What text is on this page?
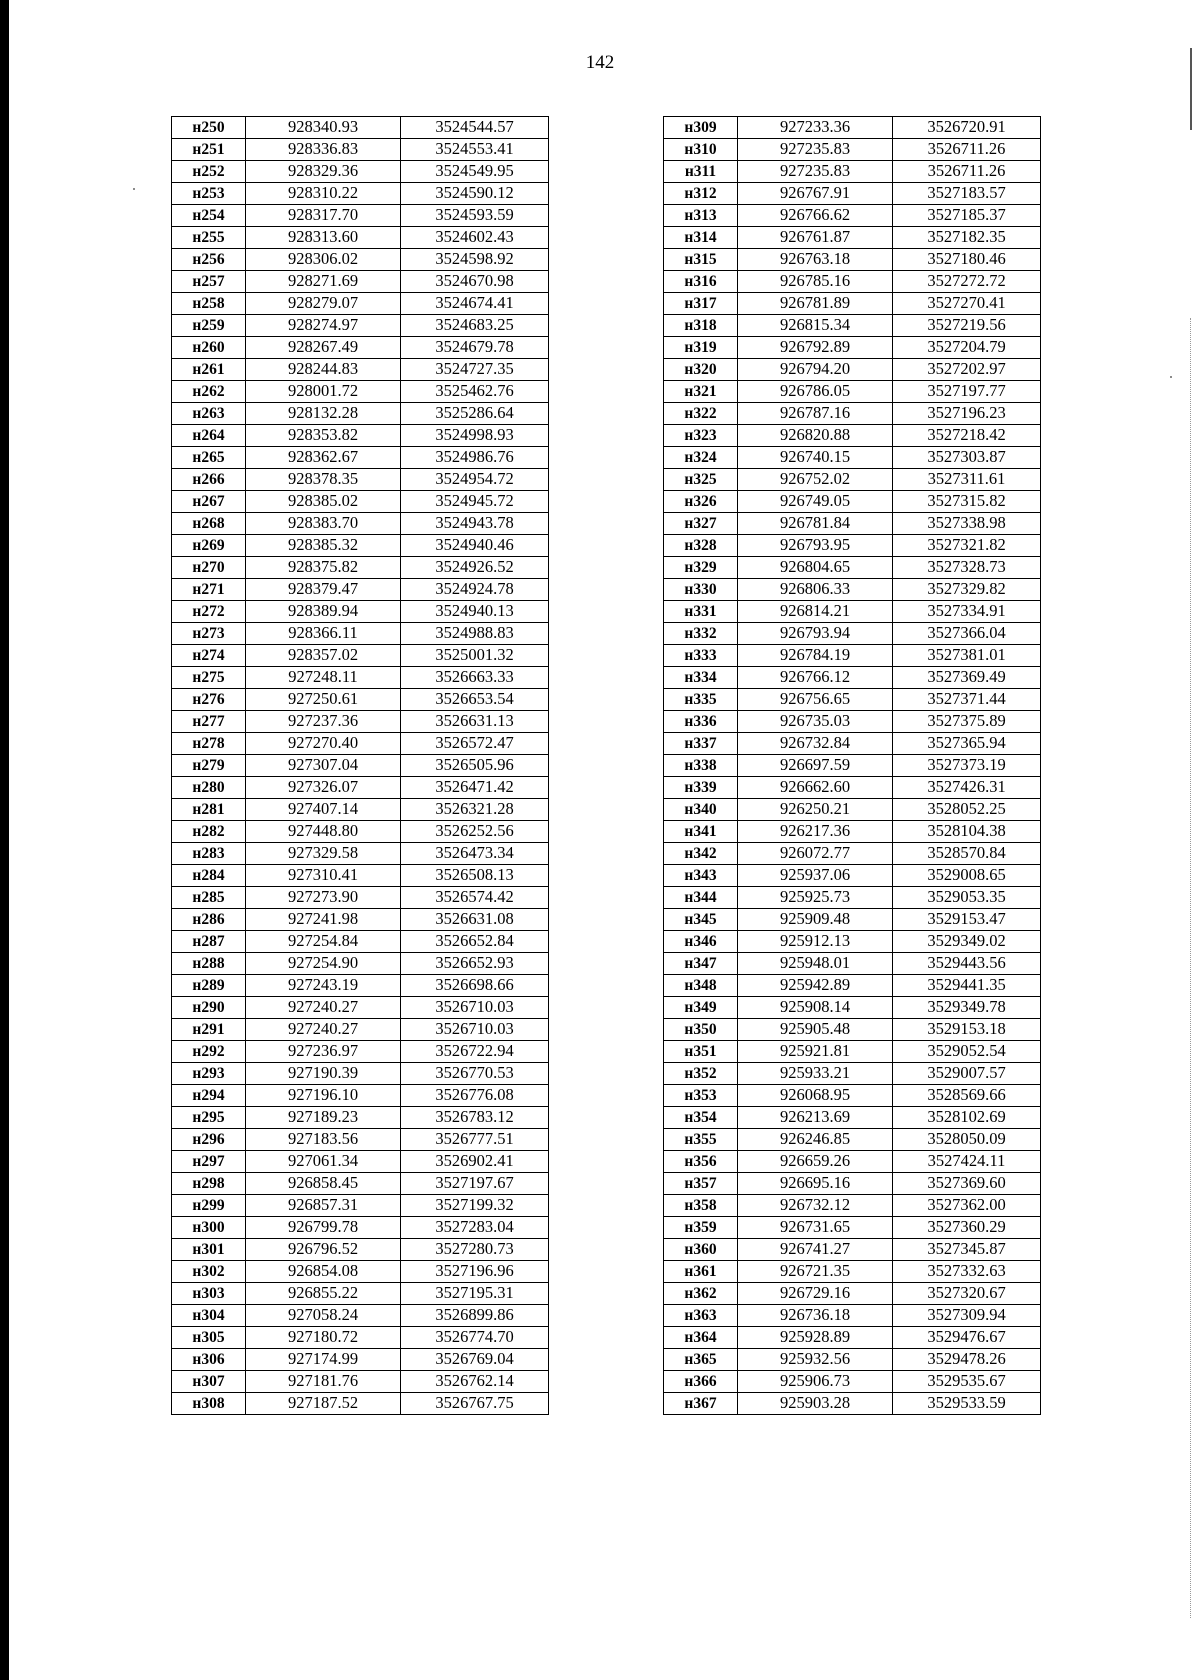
142
н250	928340.93	3524544.57
н251	928336.83	3524553.41
н252	928329.36	3524549.95
н253	928310.22	3524590.12
н254	928317.70	3524593.59
н255	928313.60	3524602.43
н256	928306.02	3524598.92
н257	928271.69	3524670.98
н258	928279.07	3524674.41
н259	928274.97	3524683.25
н260	928267.49	3524679.78
н261	928244.83	3524727.35
н262	928001.72	3525462.76
н263	928132.28	3525286.64
н264	928353.82	3524998.93
н265	928362.67	3524986.76
н266	928378.35	3524954.72
н267	928385.02	3524945.72
н268	928383.70	3524943.78
н269	928385.32	3524940.46
н270	928375.82	3524926.52
н271	928379.47	3524924.78
н272	928389.94	3524940.13
н273	928366.11	3524988.83
н274	928357.02	3525001.32
н275	927248.11	3526663.33
н276	927250.61	3526653.54
н277	927237.36	3526631.13
н278	927270.40	3526572.47
н279	927307.04	3526505.96
н280	927326.07	3526471.42
н281	927407.14	3526321.28
н282	927448.80	3526252.56
н283	927329.58	3526473.34
н284	927310.41	3526508.13
н285	927273.90	3526574.42
н286	927241.98	3526631.08
н287	927254.84	3526652.84
н288	927254.90	3526652.93
н289	927243.19	3526698.66
н290	927240.27	3526710.03
н291	927240.27	3526710.03
н292	927236.97	3526722.94
н293	927190.39	3526770.53
н294	927196.10	3526776.08
н295	927189.23	3526783.12
н296	927183.56	3526777.51
н297	927061.34	3526902.41
н298	926858.45	3527197.67
н299	926857.31	3527199.32
н300	926799.78	3527283.04
н301	926796.52	3527280.73
н302	926854.08	3527196.96
н303	926855.22	3527195.31
н304	927058.24	3526899.86
н305	927180.72	3526774.70
н306	927174.99	3526769.04
н307	927181.76	3526762.14
н308	927187.52	3526767.75
н309	927233.36	3526720.91
н310	927235.83	3526711.26
н311	927235.83	3526711.26
н312	926767.91	3527183.57
н313	926766.62	3527185.37
н314	926761.87	3527182.35
н315	926763.18	3527180.46
н316	926785.16	3527272.72
н317	926781.89	3527270.41
н318	926815.34	3527219.56
н319	926792.89	3527204.79
н320	926794.20	3527202.97
н321	926786.05	3527197.77
н322	926787.16	3527196.23
н323	926820.88	3527218.42
н324	926740.15	3527303.87
н325	926752.02	3527311.61
н326	926749.05	3527315.82
н327	926781.84	3527338.98
н328	926793.95	3527321.82
н329	926804.65	3527328.73
н330	926806.33	3527329.82
н331	926814.21	3527334.91
н332	926793.94	3527366.04
н333	926784.19	3527381.01
н334	926766.12	3527369.49
н335	926756.65	3527371.44
н336	926735.03	3527375.89
н337	926732.84	3527365.94
н338	926697.59	3527373.19
н339	926662.60	3527426.31
н340	926250.21	3528052.25
н341	926217.36	3528104.38
н342	926072.77	3528570.84
н343	925937.06	3529008.65
н344	925925.73	3529053.35
н345	925909.48	3529153.47
н346	925912.13	3529349.02
н347	925948.01	3529443.56
н348	925942.89	3529441.35
н349	925908.14	3529349.78
н350	925905.48	3529153.18
н351	925921.81	3529052.54
н352	925933.21	3529007.57
н353	926068.95	3528569.66
н354	926213.69	3528102.69
н355	926246.85	3528050.09
н356	926659.26	3527424.11
н357	926695.16	3527369.60
н358	926732.12	3527362.00
н359	926731.65	3527360.29
н360	926741.27	3527345.87
н361	926721.35	3527332.63
н362	926729.16	3527320.67
н363	926736.18	3527309.94
н364	925928.89	3529476.67
н365	925932.56	3529478.26
н366	925906.73	3529535.67
н367	925903.28	3529533.59
